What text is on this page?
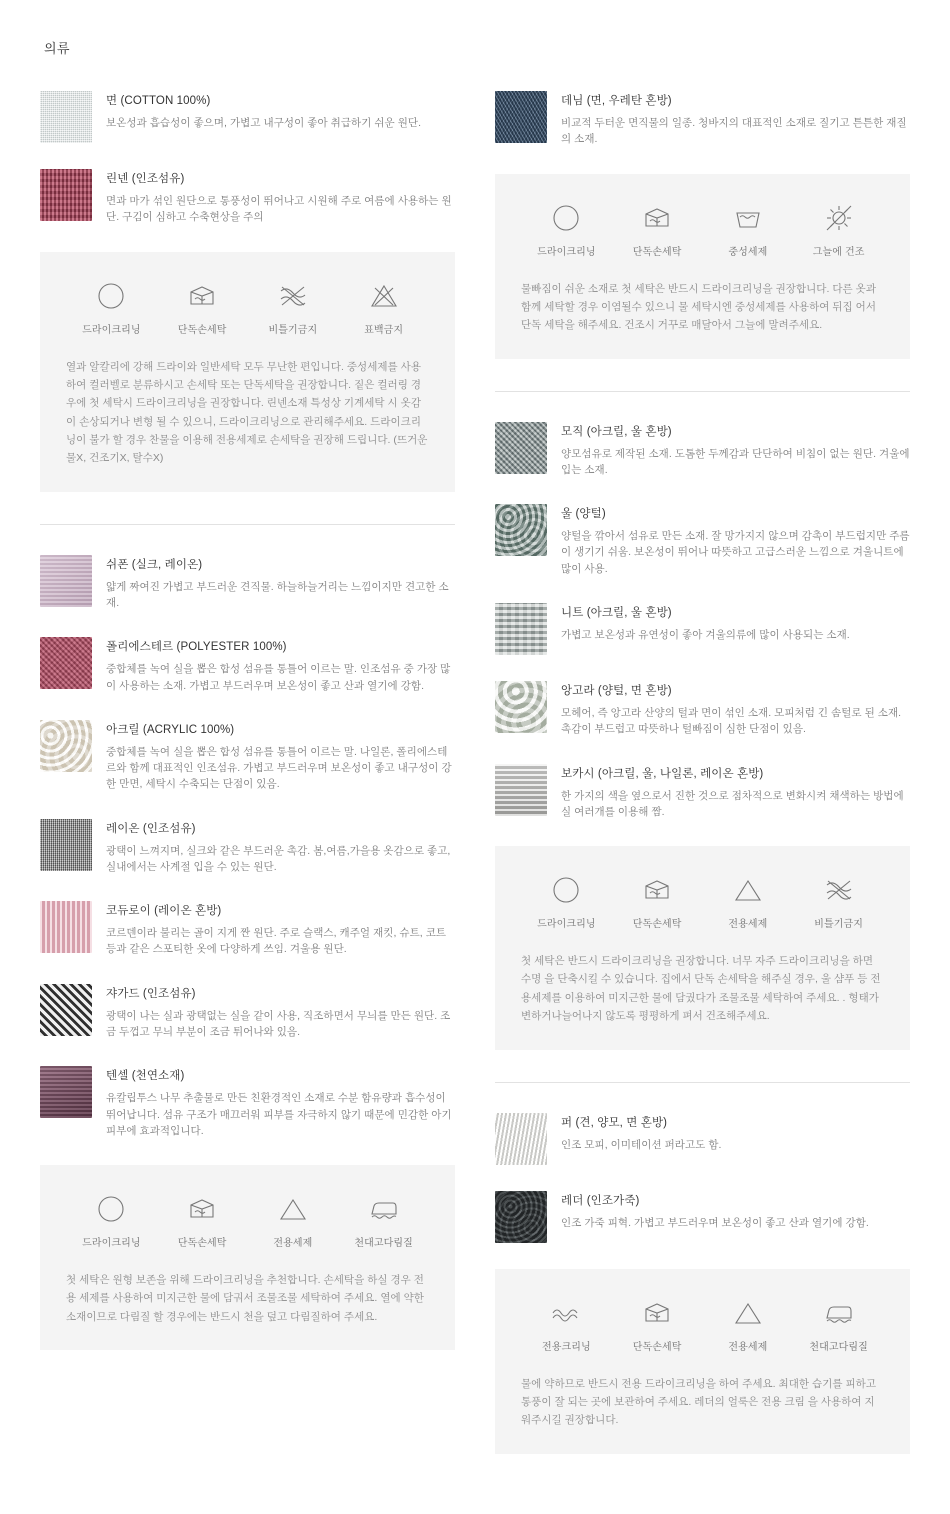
의류

면 (COTTON 100%)

보온성과 흡습성이 좋으며, 가볍고 내구성이 좋아 취급하기 쉬운 원단.

린넨 (인조섬유)

면과 마가 섞인 원단으로 통풍성이 뛰어나고 시원해 주로 여름에 사용하는 원단. 구김이 심하고 수축현상을 주의

드라이크리닝	단독손세탁	비틀기금지	표백금지

열과 알칼리에 강해 드라이와 일반세탁 모두 무난한 편입니다. 중성세제를 사용하여 컬러벨로 분류하시고 손세탁 또는 단독세탁을 권장합니다. 짙은 컬러링 경우에 첫 세탁시 드라이크리닝을 권장합니다. 린넨소재 특성상 기계세탁 시 옷감이 손상되거나 변형 될 수 있으니, 드라이크리닝으로 관리해주세요. 드라이크리닝이 불가 할 경우 찬물을 이용해 전용세제로 손세탁을 권장해 드립니다. (뜨거운물X, 건조기X, 탈수X)

쉬폰 (실크, 레이온)

얇게 짜여진 가볍고 부드러운 견직물. 하늘하늘거리는 느낌이지만 견고한 소재.

폴리에스테르 (POLYESTER 100%)

중합체를 녹여 실을 뽑은 합성 섬유를 통틀어 이르는 말. 인조섬유 중 가장 많이 사용하는 소재. 가볍고 부드러우며 보온성이 좋고 산과 열기에 강함.

아크릴 (ACRYLIC 100%)

중합체를 녹여 실을 뽑은 합성 섬유를 통틀어 이르는 말. 나일론, 폴리에스테르와 함께 대표적인 인조섬유. 가볍고 부드러우며 보온성이 좋고 내구성이 강한 만면, 세탁시 수축되는 단점이 있음.

레이온 (인조섬유)

광택이 느껴지며, 실크와 같은 부드러운 촉감. 봄,여름,가을용 옷감으로 좋고, 실내에서는 사계절 입을 수 있는 원단.

코듀로이 (레이온 혼방)

코르덴이라 불리는 골이 지게 짠 원단. 주로 슬랙스, 캐주얼 재킷, 슈트, 코트 등과 같은 스포티한 옷에 다양하게 쓰임. 겨울용 원단.

쟈가드 (인조섬유)

광택이 나는 실과 광택없는 실을 같이 사용, 직조하면서 무늬를 만든 원단. 조금 두껍고 무늬 부분이 조금 튀어나와 있음.

텐셀 (천연소재)

유칼립투스 나무 추출물로 만든 친환경적인 소재로 수분 함유량과 흡수성이 뛰어납니다. 섬유 구조가 매끄러워 피부를 자극하지 않기 때문에 민감한 아기 피부에 효과적입니다.

드라이크리닝	단독손세탁	전용세제	천대고다림질

첫 세탁은 원형 보존을 위해 드라이크리닝을 추천합니다. 손세탁을 하실 경우 전용 세제를 사용하여 미지근한 물에 담궈서 조물조물 세탁하여 주세요. 열에 약한 소재이므로 다림질 할 경우에는 반드시 천을 덮고 다림질하여 주세요.

데님 (면, 우레탄 혼방)

비교적 두터운 면직물의 일종. 청바지의 대표적인 소재로 질기고 튼튼한 재질의 소재.

드라이크리닝	단독손세탁	중성세제	그늘에 건조

물빠짐이 쉬운 소재로 첫 세탁은 반드시 드라이크리닝을 권장합니다. 다른 옷과 함께 세탁할 경우 이염될수 있으니 물 세탁시엔 중성세제를 사용하여 뒤집 어서 단독 세탁을 해주세요. 건조시 거꾸로 매달아서 그늘에 말려주세요.

모직 (아크릴, 울 혼방)

양모섬유로 제작된 소재. 도톰한 두께감과 단단하여 비침이 없는 원단. 겨울에 입는 소재.

울 (양털)

양털을 깎아서 섬유로 만든 소재. 잘 망가지지 않으며 감촉이 부드럽지만 주름이 생기기 쉬움. 보온성이 뛰어나 따뜻하고 고급스러운 느낌으로 겨울니트에 많이 사용.

니트 (아크릴, 울 혼방)

가볍고 보온성과 유연성이 좋아 겨울의류에 많이 사용되는 소재.

앙고라 (양털, 면 혼방)

모헤어, 즉 앙고라 산양의 털과 면이 섞인 소재. 모피처럼 긴 솜털로 된 소재. 촉감이 부드럽고 따뜻하나 털빠짐이 심한 단점이 있음.

보카시 (아크릴, 울, 나일론, 레이온 혼방)

한 가지의 색을 옆으로서 진한 것으로 점차적으로 변화시켜 채색하는 방법에 실 여러개를 이용해 짬.

드라이크리닝	단독손세탁	전용세제	비틀기금지

첫 세탁은 반드시 드라이크리닝을 권장합니다. 너무 자주 드라이크리닝을 하면 수명 을 단축시킬 수 있습니다. 집에서 단독 손세탁을 해주실 경우, 울 샴푸 등 전용세제를 이용하여 미지근한 물에 담궜다가 조물조물 세탁하여 주세요. . 형태가 변하거나늘어나지 않도록 평평하게 펴서 건조해주세요.

퍼 (견, 양모, 면 혼방)

인조 모피, 이미테이션 퍼라고도 함.

레더 (인조가죽)

인조 가죽 피혁. 가볍고 부드러우며 보온성이 좋고 산과 열기에 강함.

전용크리닝	단독손세탁	전용세제	천대고다림질

물에 약하므로 반드시 전용 드라이크리닝을 하여 주세요. 최대한 습기를 피하고 통풍이 잘 되는 곳에 보관하여 주세요. 레더의 얼룩은 전용 크림 을 사용하여 지워주시길 권장합니다.
